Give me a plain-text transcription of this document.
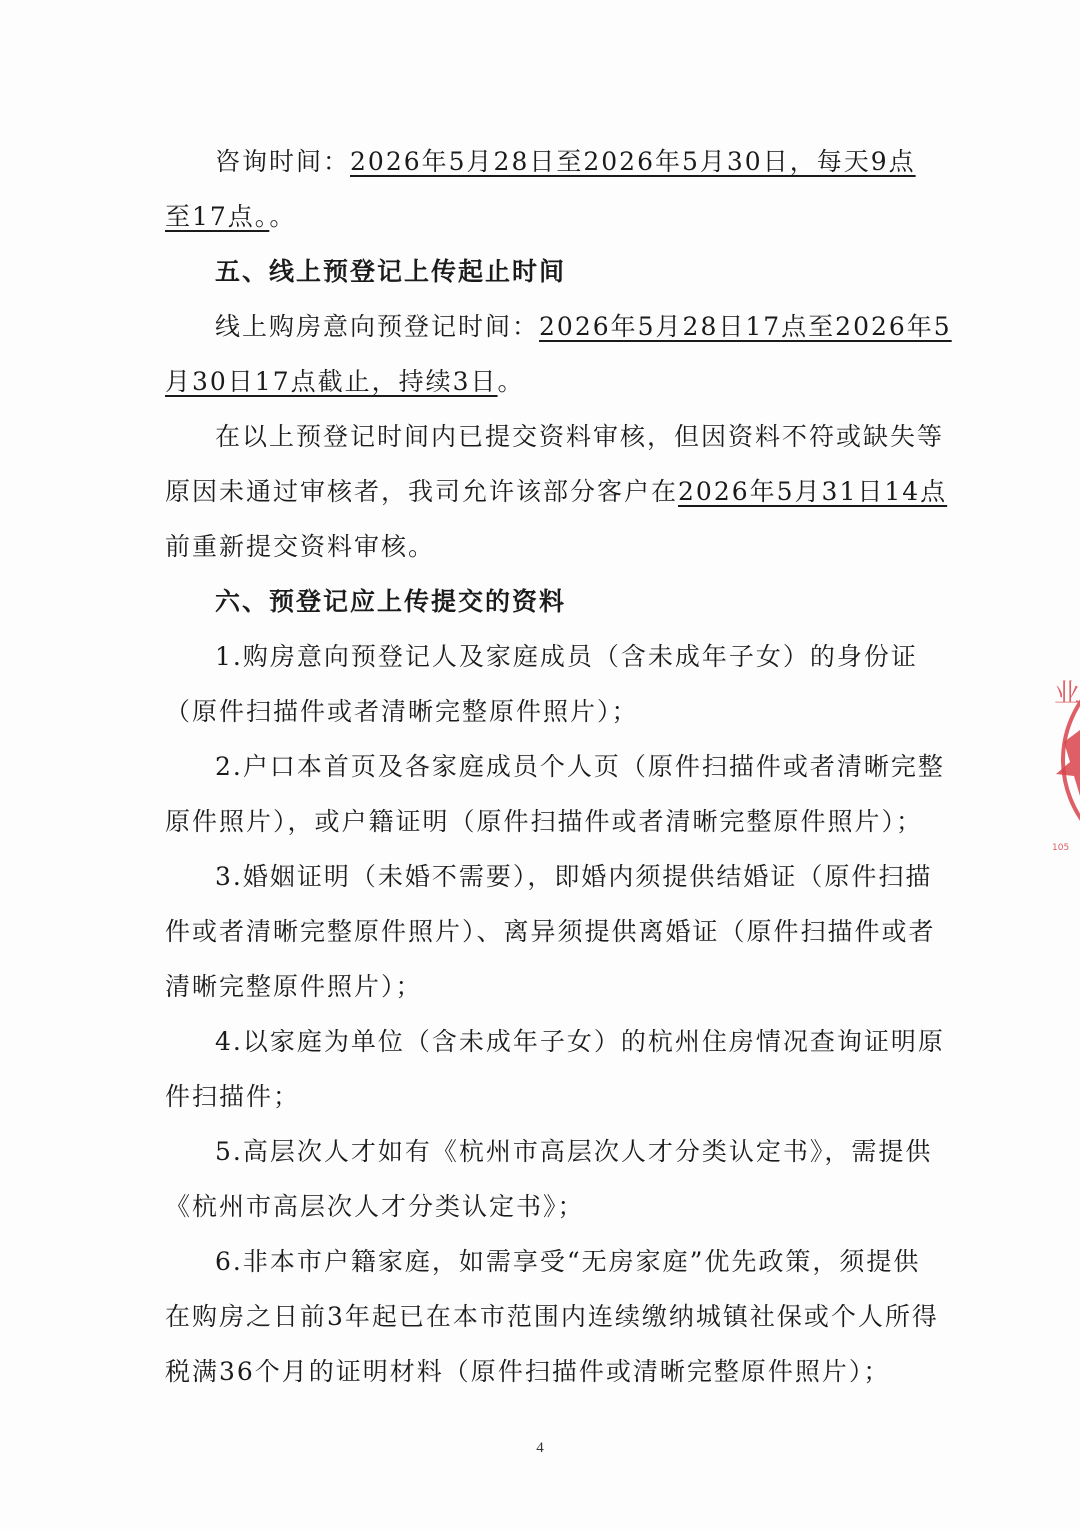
咨询时间：2026年5月28日至2026年5月30日，每天9点
至17点。。
五、线上预登记上传起止时间
线上购房意向预登记时间：2026年5月28日17点至2026年5
月30日17点截止，持续3日。
在以上预登记时间内已提交资料审核，但因资料不符或缺失等
原因未通过审核者，我司允许该部分客户在2026年5月31日14点
前重新提交资料审核。
六、预登记应上传提交的资料
1.购房意向预登记人及家庭成员（含未成年子女）的身份证
（原件扫描件或者清晰完整原件照片）；
2.户口本首页及各家庭成员个人页（原件扫描件或者清晰完整
原件照片），或户籍证明（原件扫描件或者清晰完整原件照片）；
3.婚姻证明（未婚不需要），即婚内须提供结婚证（原件扫描
件或者清晰完整原件照片）、离异须提供离婚证（原件扫描件或者
清晰完整原件照片）；
4.以家庭为单位（含未成年子女）的杭州住房情况查询证明原
件扫描件；
5.高层次人才如有《杭州市高层次人才分类认定书》，需提供
《杭州市高层次人才分类认定书》；
6.非本市户籍家庭，如需享受“无房家庭”优先政策，须提供
在购房之日前3年起已在本市范围内连续缴纳城镇社保或个人所得
税满36个月的证明材料（原件扫描件或清晰完整原件照片）；
4
业
105
